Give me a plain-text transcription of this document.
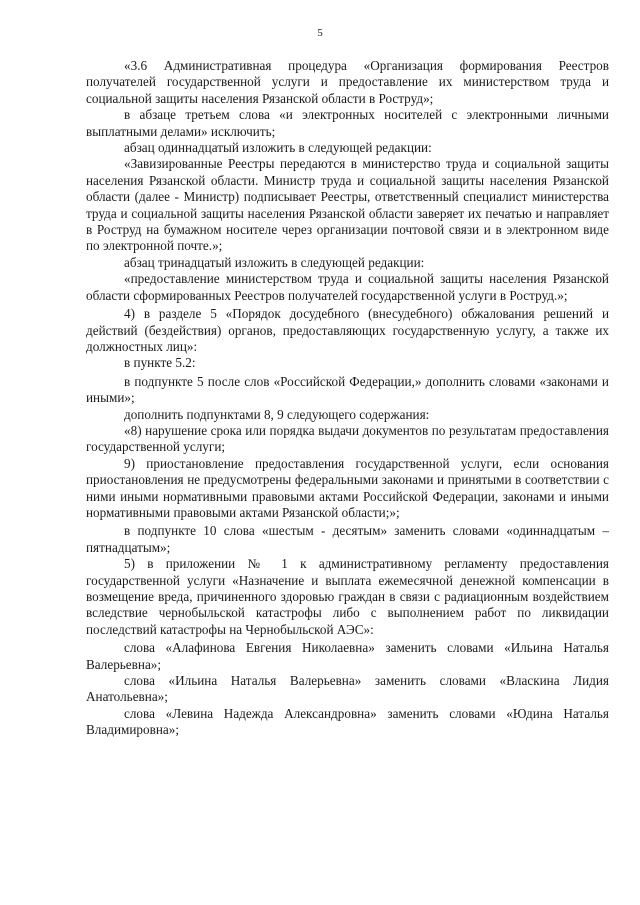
5

«3.6 Административная процедура «Организация формирования Реестров получателей государственной услуги и предоставление их министерством труда и социальной защиты населения Рязанской области в Роструд»;

в абзаце третьем слова «и электронных носителей с электронными личными выплатными делами» исключить;

абзац одиннадцатый изложить в следующей редакции:

«Завизированные Реестры передаются в министерство труда и социальной защиты населения Рязанской области. Министр труда и социальной защиты населения Рязанской области (далее - Министр) подписывает Реестры, ответственный специалист министерства труда и социальной защиты населения Рязанской области заверяет их печатью и направляет в Роструд на бумажном носителе через организации почтовой связи и в электронном виде по электронной почте.»;

абзац тринадцатый изложить в следующей редакции:

«предоставление министерством труда и социальной защиты населения Рязанской области сформированных Реестров получателей государственной услуги в Роструд.»;

4) в разделе 5 «Порядок досудебного (внесудебного) обжалования решений и действий (бездействия) органов, предоставляющих государственную услугу, а также их должностных лиц»:

в пункте 5.2:

в подпункте 5 после слов «Российской Федерации,» дополнить словами «законами и иными»;

дополнить подпунктами 8, 9 следующего содержания:

«8) нарушение срока или порядка выдачи документов по результатам предоставления государственной услуги;

9) приостановление предоставления государственной услуги, если основания приостановления не предусмотрены федеральными законами и принятыми в соответствии с ними иными нормативными правовыми актами Российской Федерации, законами и иными нормативными правовыми актами Рязанской области;»;

в подпункте 10 слова «шестым - десятым» заменить словами «одиннадцатым – пятнадцатым»;

5) в приложении № 1 к административному регламенту предоставления государственной услуги «Назначение и выплата ежемесячной денежной компенсации в возмещение вреда, причиненного здоровью граждан в связи с радиационным воздействием вследствие чернобыльской катастрофы либо с выполнением работ по ликвидации последствий катастрофы на Чернобыльской АЭС»:

слова «Алафинова Евгения Николаевна» заменить словами «Ильина Наталья Валерьевна»;

слова «Ильина Наталья Валерьевна» заменить словами «Власкина Лидия Анатольевна»;

слова «Левина Надежда Александровна» заменить словами «Юдина Наталья Владимировна»;
